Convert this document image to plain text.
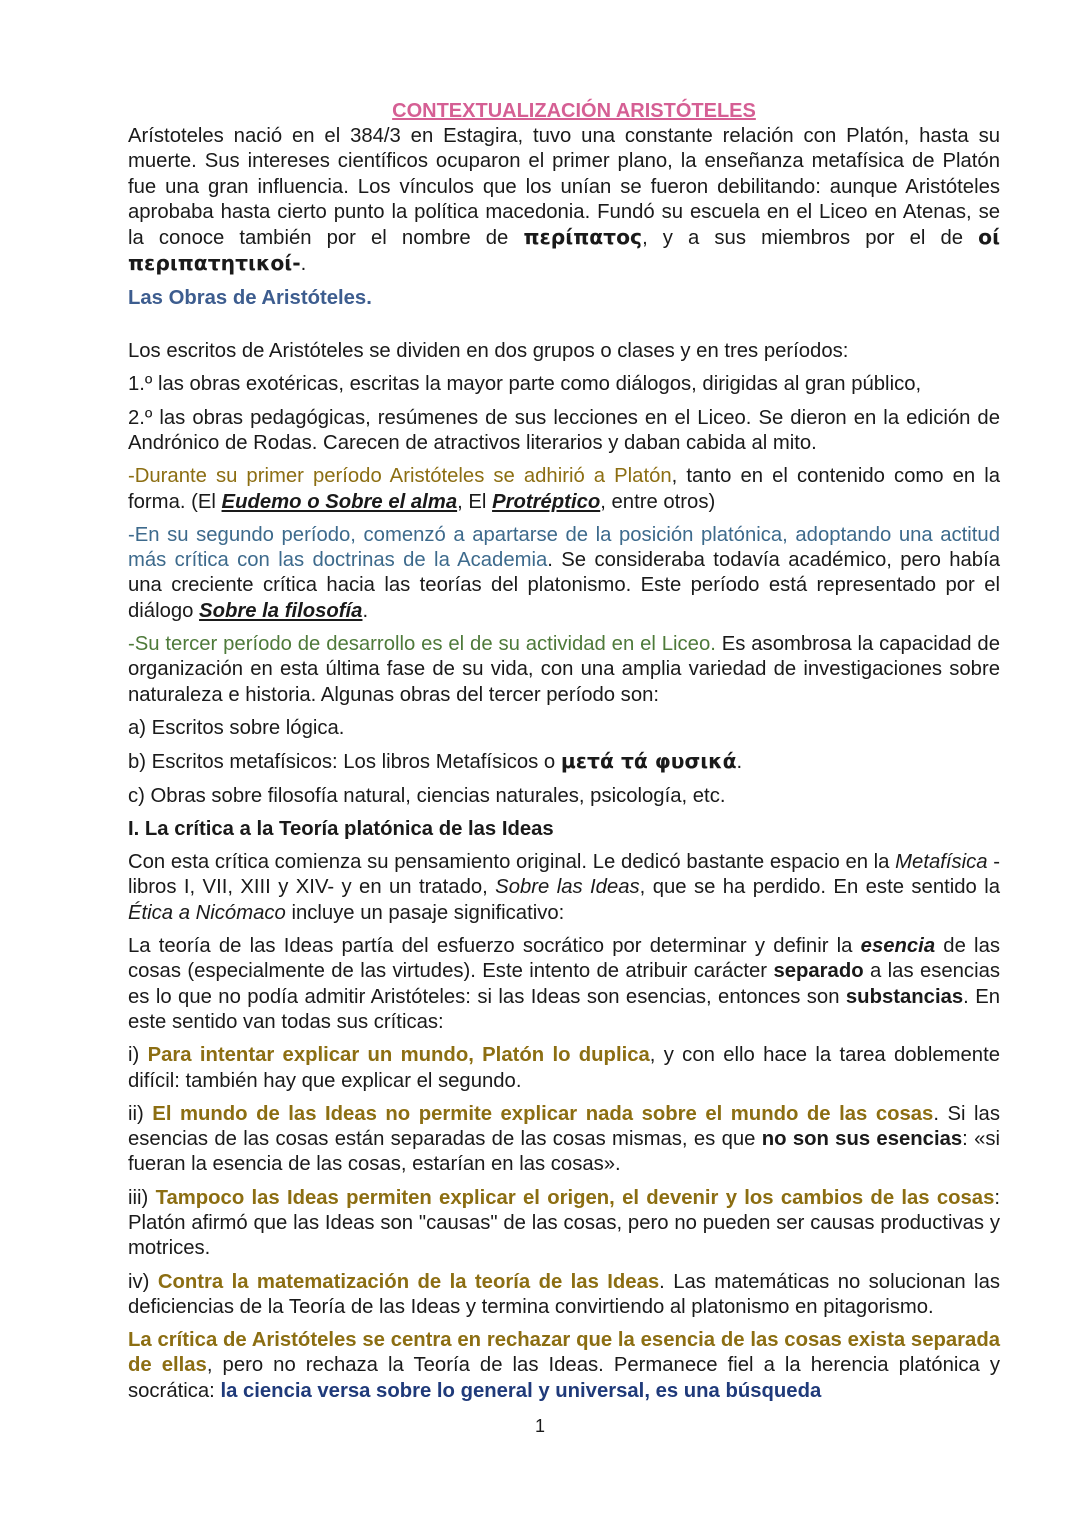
CONTEXTUALIZACIÓN ARISTÓTELES

Arístoteles nació en el 384/3 en Estagira, tuvo una constante relación con Platón, hasta su muerte. Sus intereses científicos ocuparon el primer plano, la enseñanza metafísica de Platón fue una gran influencia. Los vínculos que los unían se fueron debilitando: aunque Aristóteles aprobaba hasta cierto punto la política macedonia. Fundó su escuela en el Liceo en Atenas, se la conoce también por el nombre de περίπατος, y a sus miembros por el de οί περιπατητικοί-.

Las Obras de Aristóteles.

Los escritos de Aristóteles se dividen en dos grupos o clases y en tres períodos:

1.º las obras exotéricas, escritas la mayor parte como diálogos, dirigidas al gran público,

2.º las obras pedagógicas, resúmenes de sus lecciones en el Liceo. Se dieron en la edición de Andrónico de Rodas. Carecen de atractivos literarios y daban cabida al mito.

-Durante su primer período Aristóteles se adhirió a Platón, tanto en el contenido como en la forma. (El Eudemo o Sobre el alma, El Protréptico, entre otros)

-En su segundo período, comenzó a apartarse de la posición platónica, adoptando una actitud más crítica con las doctrinas de la Academia. Se consideraba todavía académico, pero había una creciente crítica hacia las teorías del platonismo. Este período está representado por el diálogo Sobre la filosofía.

-Su tercer período de desarrollo es el de su actividad en el Liceo. Es asombrosa la capacidad de organización en esta última fase de su vida, con una amplia variedad de investigaciones sobre naturaleza e historia. Algunas obras del tercer período son:

a) Escritos sobre lógica.

b) Escritos metafísicos: Los libros Metafísicos o μετά τά φυσικά.

c) Obras sobre filosofía natural, ciencias naturales, psicología, etc.

I. La crítica a la Teoría platónica de las Ideas

Con esta crítica comienza su pensamiento original. Le dedicó bastante espacio en la Metafísica -libros I, VII, XIII y XIV- y en un tratado, Sobre las Ideas, que se ha perdido. En este sentido la Ética a Nicómaco incluye un pasaje significativo:

La teoría de las Ideas partía del esfuerzo socrático por determinar y definir la esencia de las cosas (especialmente de las virtudes). Este intento de atribuir carácter separado a las esencias es lo que no podía admitir Aristóteles: si las Ideas son esencias, entonces son substancias. En este sentido van todas sus críticas:

i) Para intentar explicar un mundo, Platón lo duplica, y con ello hace la tarea doblemente difícil: también hay que explicar el segundo.

ii) El mundo de las Ideas no permite explicar nada sobre el mundo de las cosas. Si las esencias de las cosas están separadas de las cosas mismas, es que no son sus esencias: «si fueran la esencia de las cosas, estarían en las cosas».

iii) Tampoco las Ideas permiten explicar el origen, el devenir y los cambios de las cosas: Platón afirmó que las Ideas son "causas" de las cosas, pero no pueden ser causas productivas y motrices.

iv) Contra la matematización de la teoría de las Ideas. Las matemáticas no solucionan las deficiencias de la Teoría de las Ideas y termina convirtiendo al platonismo en pitagorismo.

La crítica de Aristóteles se centra en rechazar que la esencia de las cosas exista separada de ellas, pero no rechaza la Teoría de las Ideas. Permanece fiel a la herencia platónica y socrática: la ciencia versa sobre lo general y universal, es una búsqueda

1
